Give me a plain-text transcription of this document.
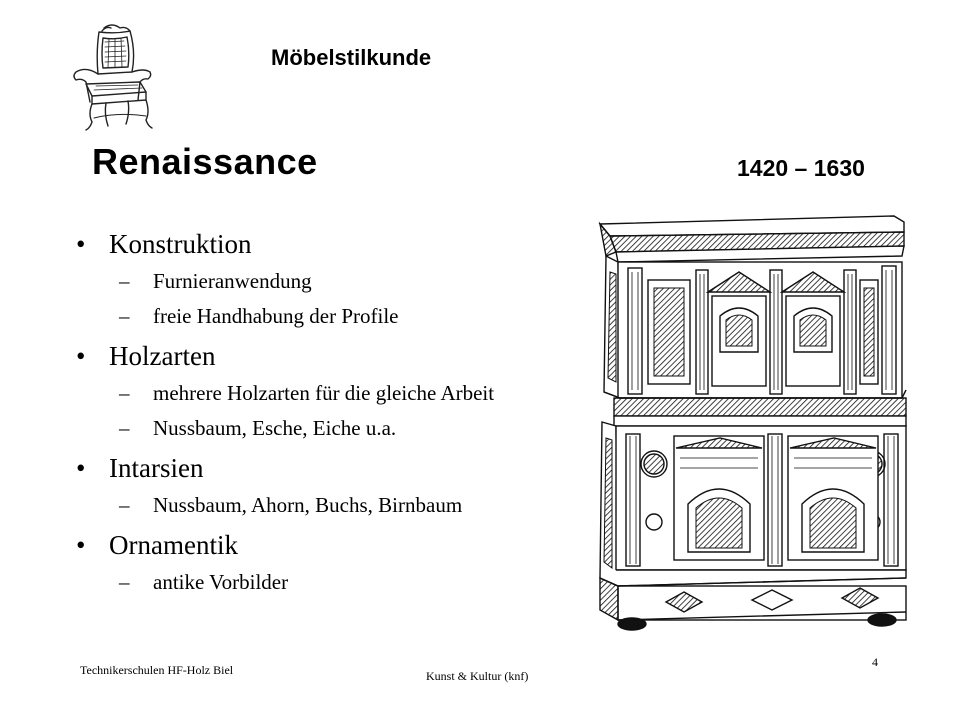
Möbelstilkunde
Renaissance	1420 – 1630
• Konstruktion
– Furnieranwendung
– freie Handhabung der Profile
• Holzarten
– mehrere Holzarten für die gleiche Arbeit
– Nussbaum, Esche, Eiche u.a.
• Intarsien
– Nussbaum, Ahorn, Buchs, Birnbaum
• Ornamentik
– antike Vorbilder
Technikerschulen HF-Holz Biel	Kunst & Kultur (knf)
4
